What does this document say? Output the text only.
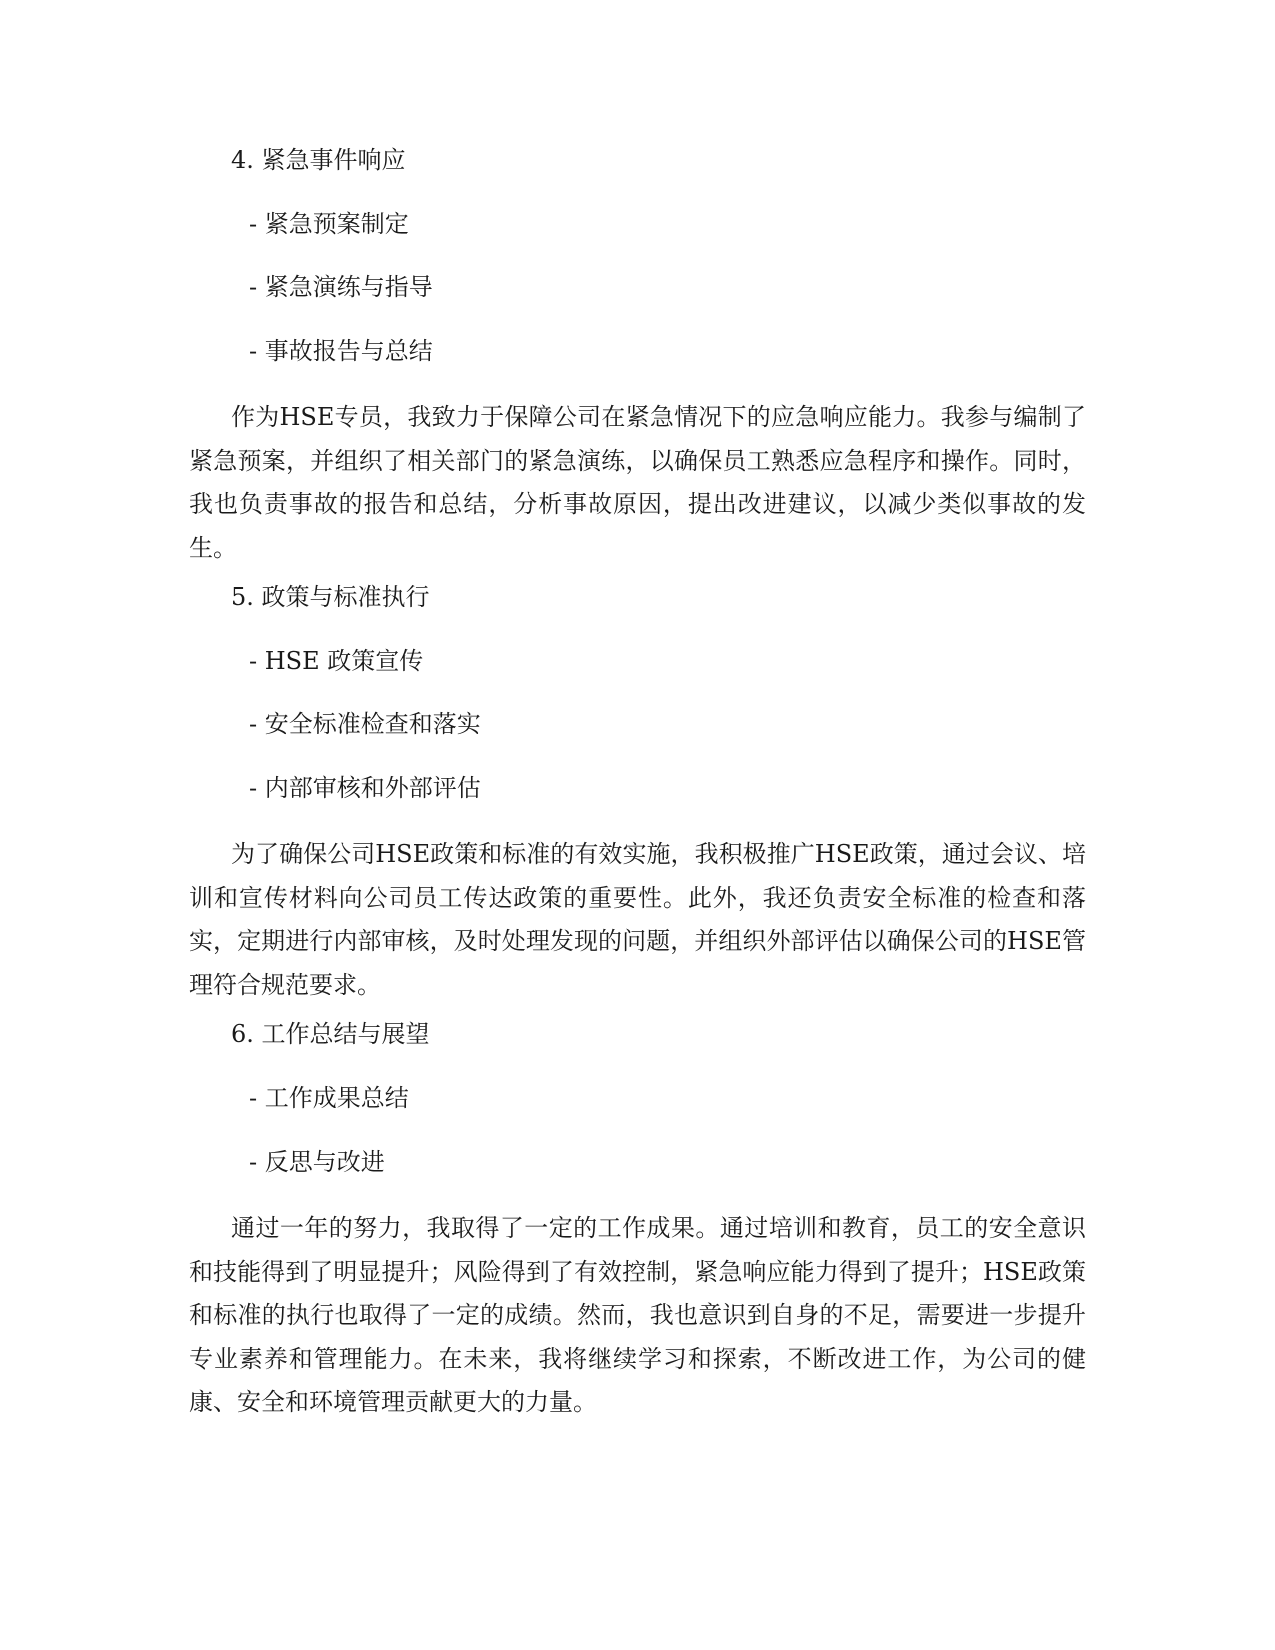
4. 紧急事件响应
- 紧急预案制定
- 紧急演练与指导
- 事故报告与总结
作为HSE专员，我致力于保障公司在紧急情况下的应急响应能力。我参与编制了紧急预案，并组织了相关部门的紧急演练，以确保员工熟悉应急程序和操作。同时，我也负责事故的报告和总结，分析事故原因，提出改进建议，以减少类似事故的发生。
5. 政策与标准执行
- HSE 政策宣传
- 安全标准检查和落实
- 内部审核和外部评估
为了确保公司HSE政策和标准的有效实施，我积极推广HSE政策，通过会议、培训和宣传材料向公司员工传达政策的重要性。此外，我还负责安全标准的检查和落实，定期进行内部审核，及时处理发现的问题，并组织外部评估以确保公司的HSE管理符合规范要求。
6. 工作总结与展望
- 工作成果总结
- 反思与改进
通过一年的努力，我取得了一定的工作成果。通过培训和教育，员工的安全意识和技能得到了明显提升；风险得到了有效控制，紧急响应能力得到了提升；HSE政策和标准的执行也取得了一定的成绩。然而，我也意识到自身的不足，需要进一步提升专业素养和管理能力。在未来，我将继续学习和探索，不断改进工作，为公司的健康、安全和环境管理贡献更大的力量。
